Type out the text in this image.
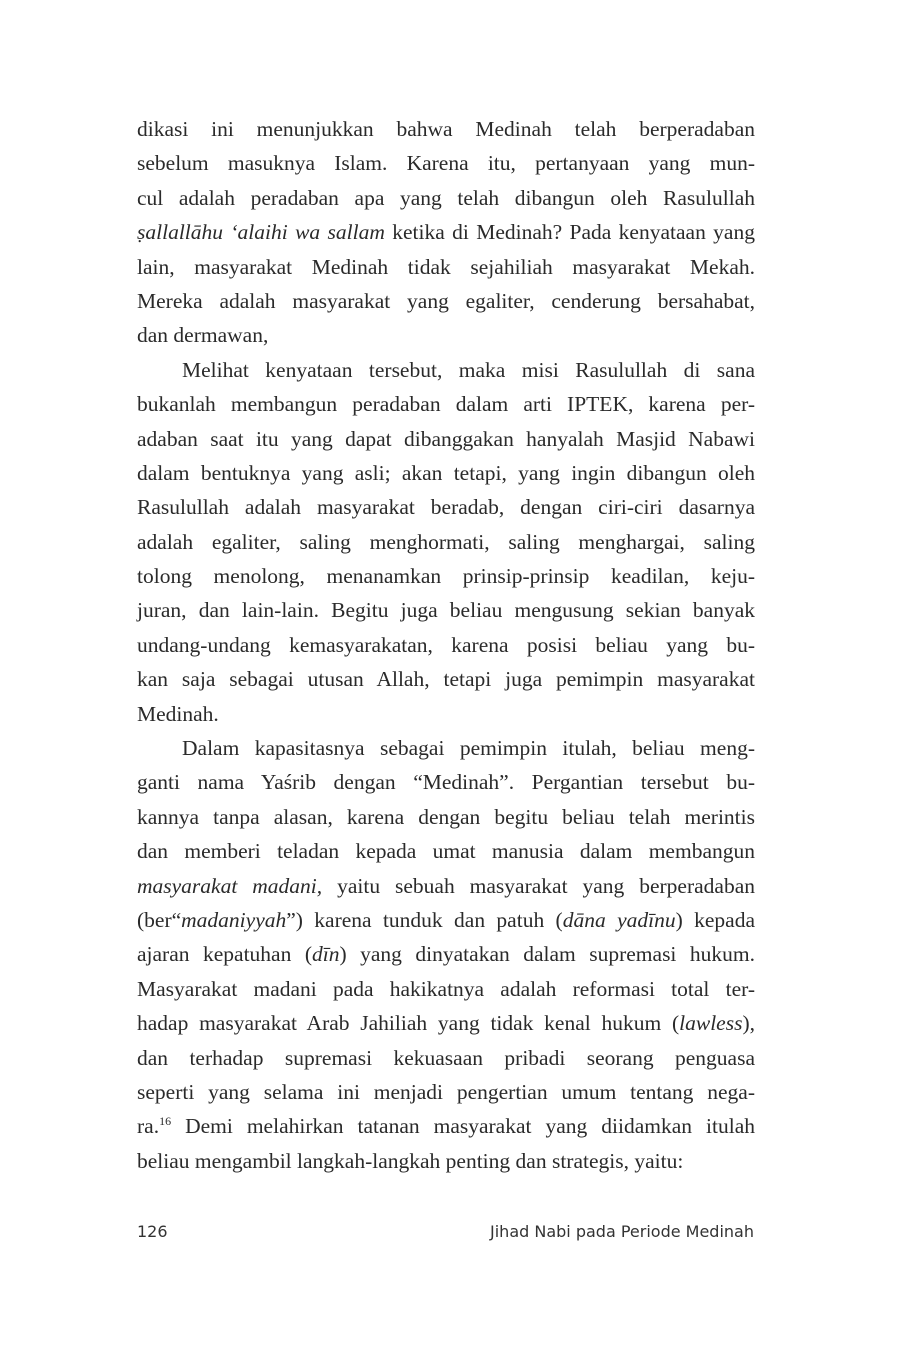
dikasi ini menunjukkan bahwa Medinah telah berperadaban
sebelum masuknya Islam. Karena itu, pertanyaan yang mun-
cul adalah peradaban apa yang telah dibangun oleh Rasulullah
ṣallallāhu ‘alaihi wa sallam ketika di Medinah? Pada kenyataan yang
lain, masyarakat Medinah tidak sejahiliah masyarakat Mekah.
Mereka adalah masyarakat yang egaliter, cenderung bersahabat,
dan dermawan,
Melihat kenyataan tersebut, maka misi Rasulullah di sana
bukanlah membangun peradaban dalam arti IPTEK, karena per-
adaban saat itu yang dapat dibanggakan hanyalah Masjid Nabawi
dalam bentuknya yang asli; akan tetapi, yang ingin dibangun oleh
Rasulullah adalah masyarakat beradab, dengan ciri-ciri dasarnya
adalah egaliter, saling menghormati, saling menghargai, saling
tolong menolong, menanamkan prinsip-prinsip keadilan, keju-
juran, dan lain-lain. Begitu juga beliau mengusung sekian banyak
undang-undang kemasyarakatan, karena posisi beliau yang bu-
kan saja sebagai utusan Allah, tetapi juga pemimpin masyarakat
Medinah.
Dalam kapasitasnya sebagai pemimpin itulah, beliau meng-
ganti nama Yaśrib dengan “Medinah”. Pergantian tersebut bu-
kannya tanpa alasan, karena dengan begitu beliau telah merintis
dan memberi teladan kepada umat manusia dalam membangun
masyarakat madani, yaitu sebuah masyarakat yang berperadaban
(ber“madaniyyah”) karena tunduk dan patuh (dāna yadīnu) kepada
ajaran kepatuhan (dīn) yang dinyatakan dalam supremasi hukum.
Masyarakat madani pada hakikatnya adalah reformasi total ter-
hadap masyarakat Arab Jahiliah yang tidak kenal hukum (lawless),
dan terhadap supremasi kekuasaan pribadi seorang penguasa
seperti yang selama ini menjadi pengertian umum tentang nega-
ra.$^{16}$ Demi melahirkan tatanan masyarakat yang diidamkan itulah
beliau mengambil langkah-langkah penting dan strategis, yaitu:
126	Jihad Nabi pada Periode Medinah
